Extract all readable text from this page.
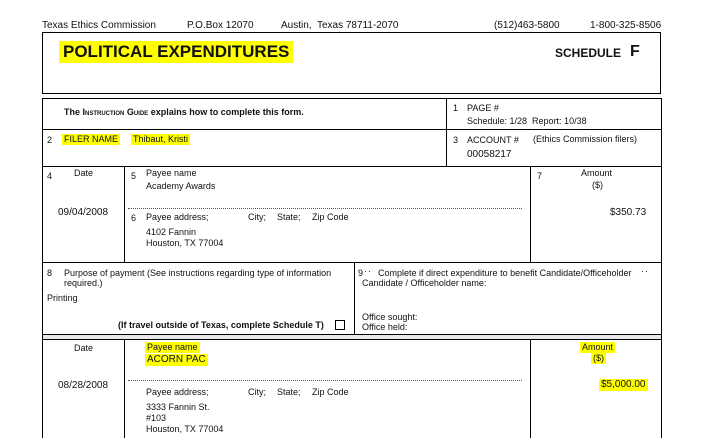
Texas Ethics Commission	P.O.Box 12070	Austin,  Texas 78711-2070	(512)463-5800	1-800-325-8506
POLITICAL EXPENDITURES	SCHEDULE F
The Instruction Guide explains how to complete this form.	1 PAGE #
Schedule: 1/28  Report: 10/38
2 FILER NAME Thibaut, Kristi	3 ACCOUNT # (Ethics Commission filers)
00058217
4 Date
09/04/2008
5 Payee name
Academy Awards
6 Payee address;	City; State; Zip Code
4102 Fannin
Houston, TX 77004
7	Amount
($)
$350.73
8 Purpose of payment (See instructions regarding type of information
required.)
Printing
(If travel outside of Texas, complete Schedule T)
9 ·· Complete if direct expenditure to benefit Candidate/Officeholder ··
Candidate / Officeholder name:
Office sought:
Office held:
Date
08/28/2008
Payee name
ACORN PAC
Payee address;	City; State; Zip Code
3333 Fannin St.
#103
Houston, TX 77004
Amount
($)
$5,000.00
